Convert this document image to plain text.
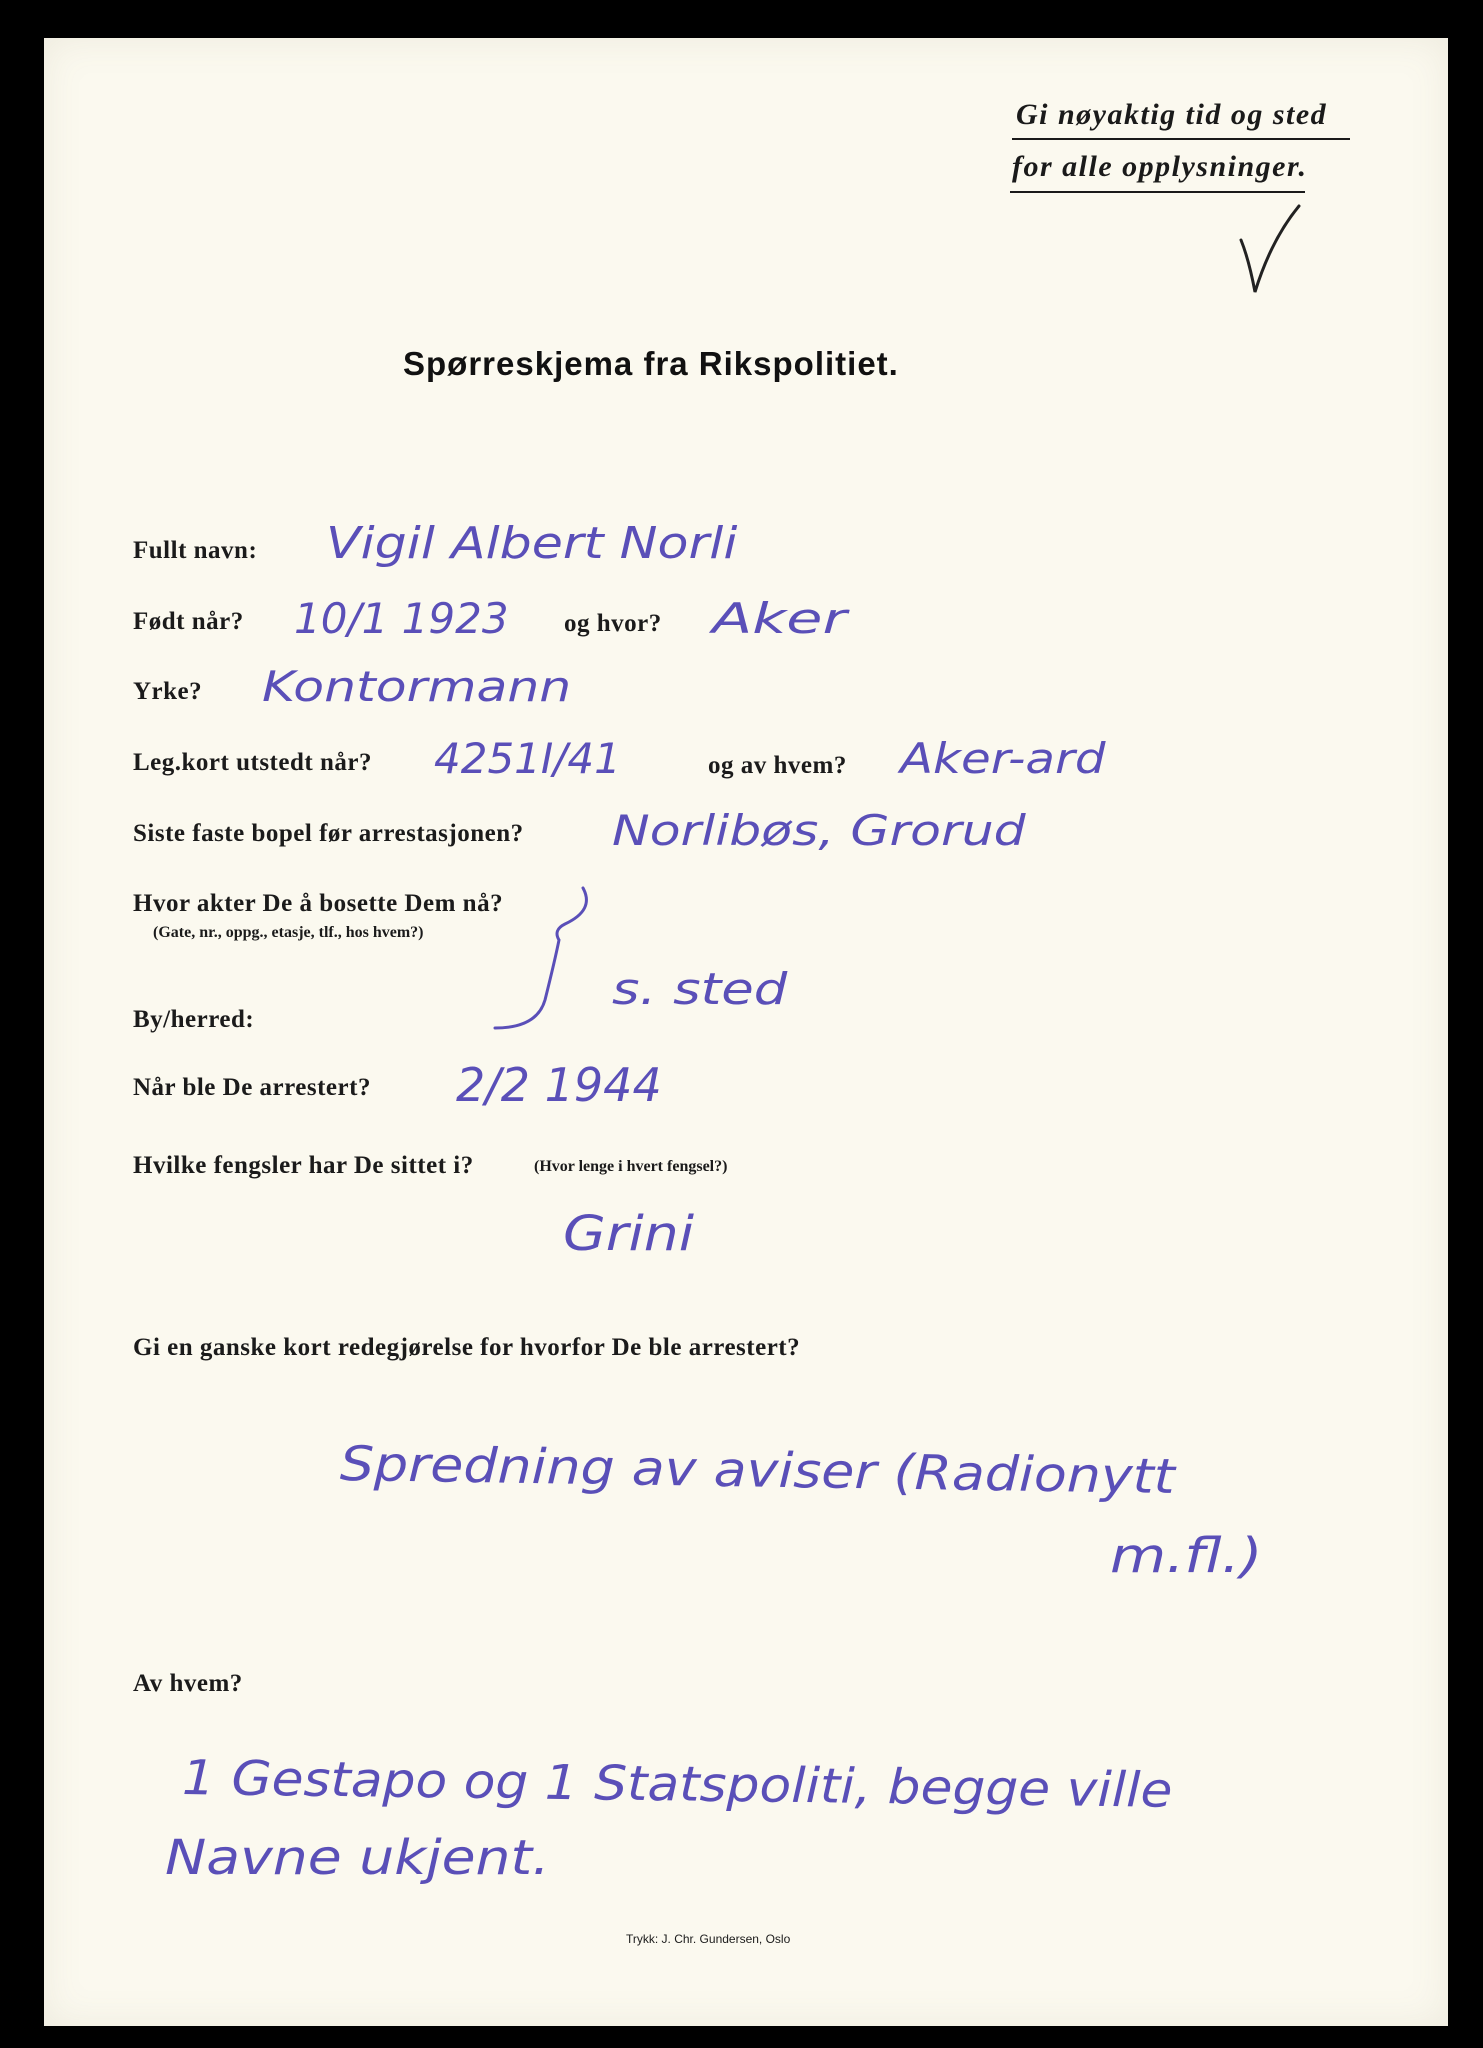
Gi nøyaktig tid og sted
for alle opplysninger.
Spørreskjema fra Rikspolitiet.
Fullt navn: Vigil Albert Norli
Født når? 10/1 1923 og hvor? Aker
Yrke? Kontormann
Leg.kort utstedt når? 4251I/41	og av hvem? Aker-ard
Siste faste bopel før arrestasjonen? Norlibøs, Grorud
Hvor akter De å bosette Dem nå?
(Gate, nr., oppg., etasje, tlf., hos hvem?)
s. sted
By/herred:
Når ble De arrestert? 2/2 1944
Hvilke fengsler har De sittet i?	(Hvor lenge i hvert fengsel?)
Grini
Gi en ganske kort redegjørelse for hvorfor De ble arrestert?
Spredning av aviser (Radionytt
m.fl.)
Av hvem?
1 Gestapo og 1 Statspoliti, begge ville
Navne ukjent.
Trykk: J. Chr. Gundersen, Oslo
